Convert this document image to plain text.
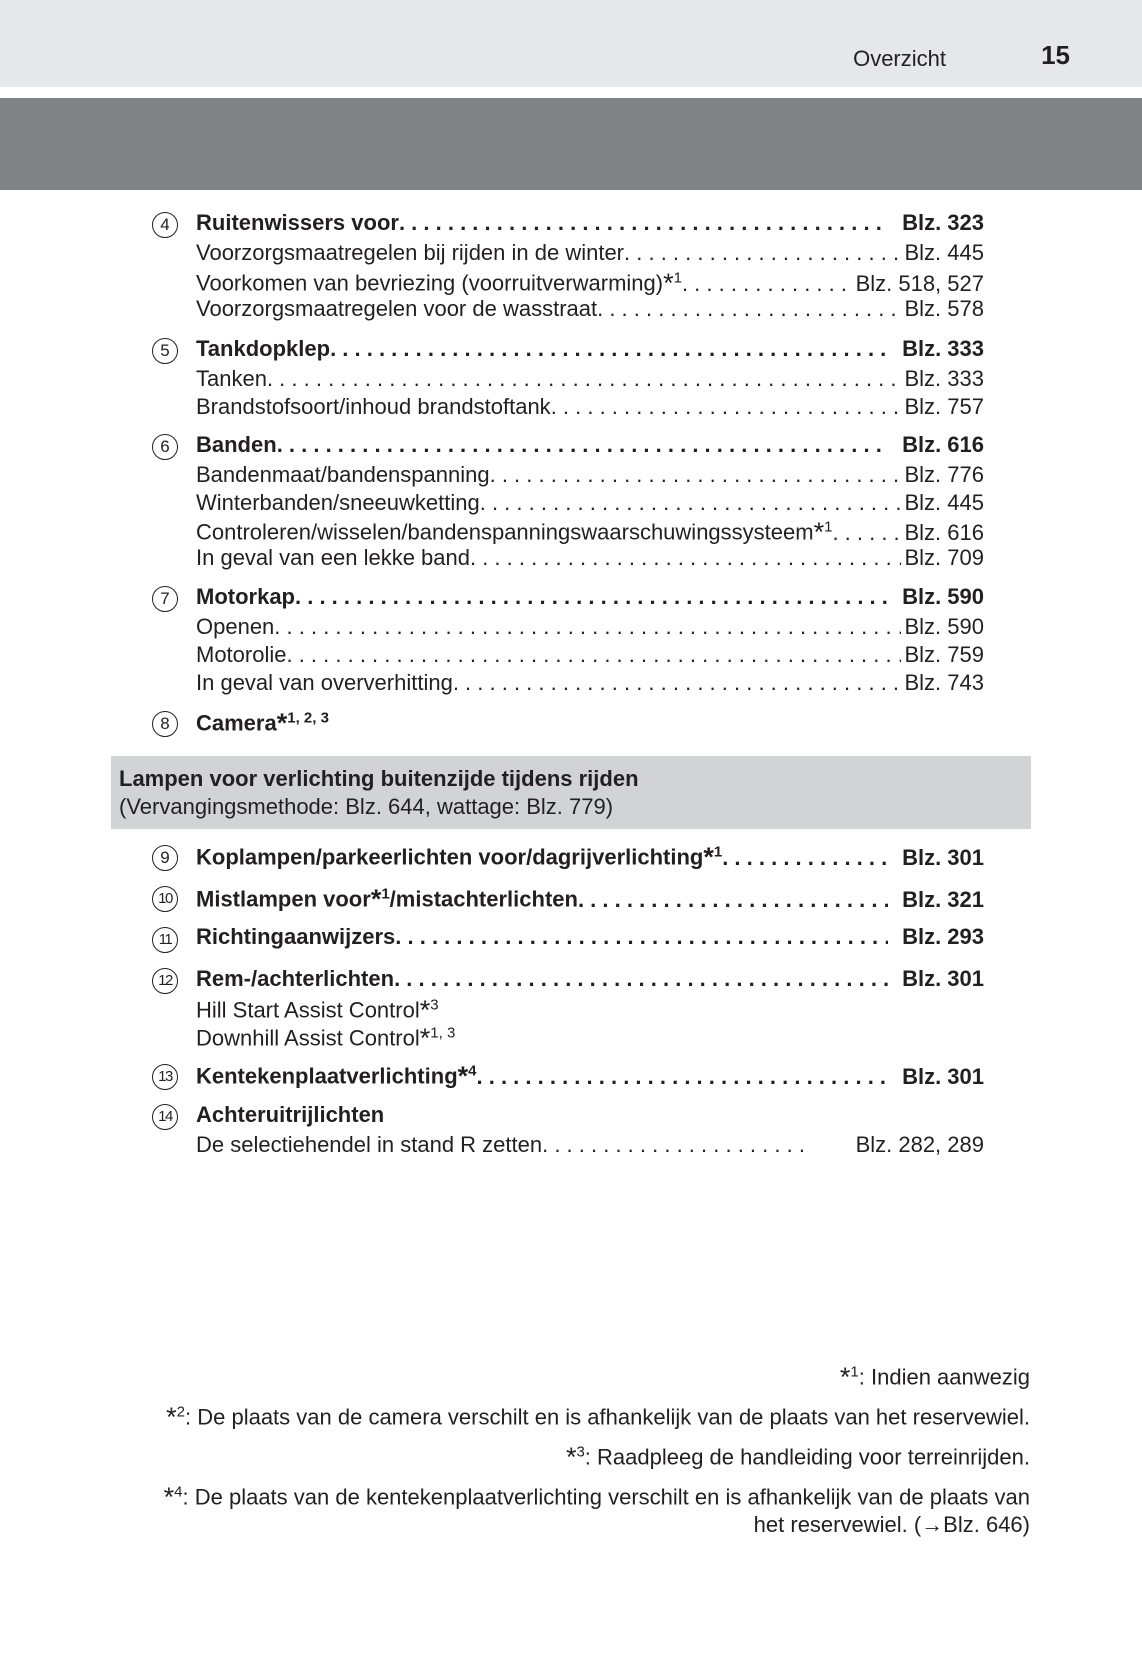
Overzicht	15
4	Ruitenwissers voor . . .	Blz. 323
Voorzorgsmaatregelen bij rijden in de winter . . .	Blz. 445
Voorkomen van bevriezing (voorruitverwarming)*$^1$ . . .	Blz. 518, 527
Voorzorgsmaatregelen voor de wasstraat . . .	Blz. 578
5	Tankdopklep . . .	Blz. 333
Tanken . . .	Blz. 333
Brandstofsoort/inhoud brandstoftank . . .	Blz. 757
6	Banden . . .	Blz. 616
Bandenmaat/bandenspanning . . .	Blz. 776
Winterbanden/sneeuwketting . . .	Blz. 445
Controleren/wisselen/bandenspanningswaarschuwingssysteem*$^1$ . . .	Blz. 616
In geval van een lekke band . . .	Blz. 709
7	Motorkap . . .	Blz. 590
Openen . . .	Blz. 590
Motorolie . . .	Blz. 759
In geval van oververhitting . . .	Blz. 743
8	Camera*$^{1, 2, 3}$
Lampen voor verlichting buitenzijde tijdens rijden
(Vervangingsmethode: Blz. 644, wattage: Blz. 779)
9	Koplampen/parkeerlichten voor/dagrijverlichting*$^1$ . . .	Blz. 301
10 Mistlampen voor*$^1$/mistachterlichten . . .	Blz. 321
11	Richtingaanwijzers . . .	Blz. 293
12 Rem-/achterlichten . . .	Blz. 301
Hill Start Assist Control*$^3$
Downhill Assist Control*$^{1, 3}$
13 Kentekenplaatverlichting*$^4$ . . .	Blz. 301
14 Achteruitrijlichten
De selectiehendel in stand R zetten . . .	Blz. 282, 289
*$^1$: Indien aanwezig
*$^2$: De plaats van de camera verschilt en is afhankelijk van de plaats van het reservewiel.
*$^3$: Raadpleeg de handleiding voor terreinrijden.
*$^4$: De plaats van de kentekenplaatverlichting verschilt en is afhankelijk van de plaats van
het reservewiel. (→Blz. 646)
